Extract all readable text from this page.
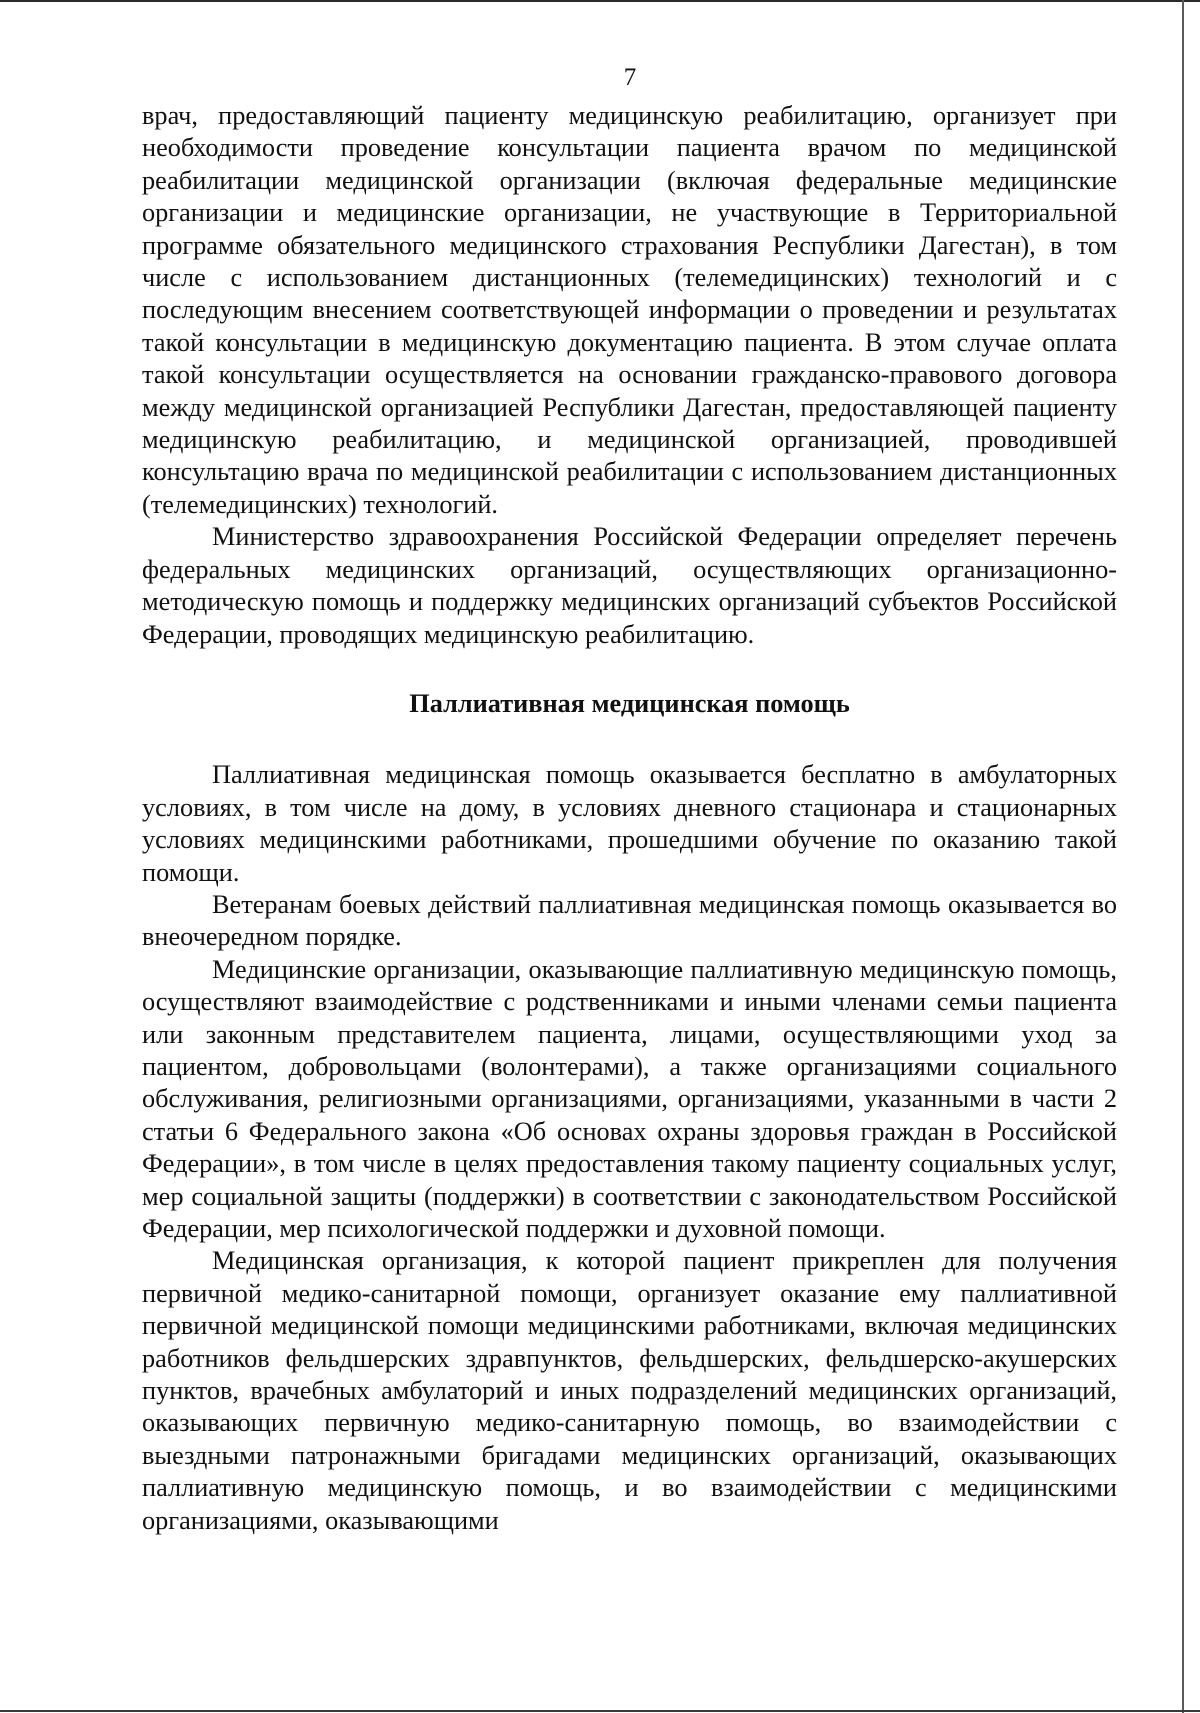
7

врач, предоставляющий пациенту медицинскую реабилитацию, организует при необходимости проведение консультации пациента врачом по медицинской реабилитации медицинской организации (включая федеральные медицинские организации и медицинские организации, не участвующие в Территориальной программе обязательного медицинского страхования Республики Дагестан), в том числе с использованием дистанционных (телемедицинских) технологий и с последующим внесением соответствующей информации о проведении и результатах такой консультации в медицинскую документацию пациента. В этом случае оплата такой консультации осуществляется на основании гражданско-правового договора между медицинской организацией Республики Дагестан, предоставляющей пациенту медицинскую реабилитацию, и медицинской организацией, проводившей консультацию врача по медицинской реабилитации с использованием дистанционных (телемедицинских) технологий.

Министерство здравоохранения Российской Федерации определяет перечень федеральных медицинских организаций, осуществляющих организационно-методическую помощь и поддержку медицинских организаций субъектов Российской Федерации, проводящих медицинскую реабилитацию.

Паллиативная медицинская помощь

Паллиативная медицинская помощь оказывается бесплатно в амбулаторных условиях, в том числе на дому, в условиях дневного стационара и стационарных условиях медицинскими работниками, прошедшими обучение по оказанию такой помощи.

Ветеранам боевых действий паллиативная медицинская помощь оказывается во внеочередном порядке.

Медицинские организации, оказывающие паллиативную медицинскую помощь, осуществляют взаимодействие с родственниками и иными членами семьи пациента или законным представителем пациента, лицами, осуществляющими уход за пациентом, добровольцами (волонтерами), а также организациями социального обслуживания, религиозными организациями, организациями, указанными в части 2 статьи 6 Федерального закона «Об основах охраны здоровья граждан в Российской Федерации», в том числе в целях предоставления такому пациенту социальных услуг, мер социальной защиты (поддержки) в соответствии с законодательством Российской Федерации, мер психологической поддержки и духовной помощи.

Медицинская организация, к которой пациент прикреплен для получения первичной медико-санитарной помощи, организует оказание ему паллиативной первичной медицинской помощи медицинскими работниками, включая медицинских работников фельдшерских здравпунктов, фельдшерских, фельдшерско-акушерских пунктов, врачебных амбулаторий и иных подразделений медицинских организаций, оказывающих первичную медико-санитарную помощь, во взаимодействии с выездными патронажными бригадами медицинских организаций, оказывающих паллиативную медицинскую помощь, и во взаимодействии с медицинскими организациями, оказывающими
